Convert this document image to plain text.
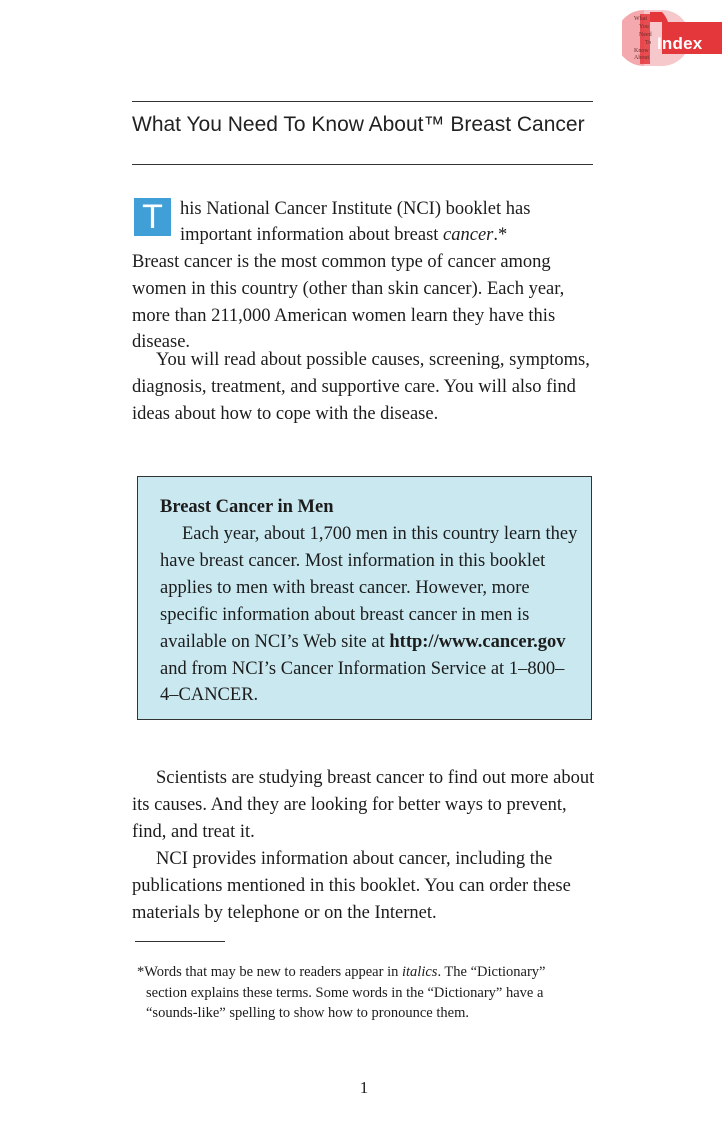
What
You
Need
To
Know
About
Index
What You Need To Know About™ Breast Cancer
T his National Cancer Institute (NCI) booklet has
important information about breast cancer.*
Breast cancer is the most common type of cancer among women in this country (other than skin cancer). Each year, more than 211,000 American women learn they have this disease.
You will read about possible causes, screening, symptoms, diagnosis, treatment, and supportive care. You will also find ideas about how to cope with the disease.
Breast Cancer in Men
Each year, about 1,700 men in this country learn they have breast cancer. Most information in this booklet applies to men with breast cancer. However, more specific information about breast cancer in men is available on NCI’s Web site at http://www.cancer.gov and from NCI’s Cancer Information Service at 1–800–4–CANCER.
Scientists are studying breast cancer to find out more about its causes. And they are looking for better ways to prevent, find, and treat it.
NCI provides information about cancer, including the publications mentioned in this booklet. You can order these materials by telephone or on the Internet.
*Words that may be new to readers appear in italics. The “Dictionary” section explains these terms. Some words in the “Dictionary” have a “sounds-like” spelling to show how to pronounce them.
1
